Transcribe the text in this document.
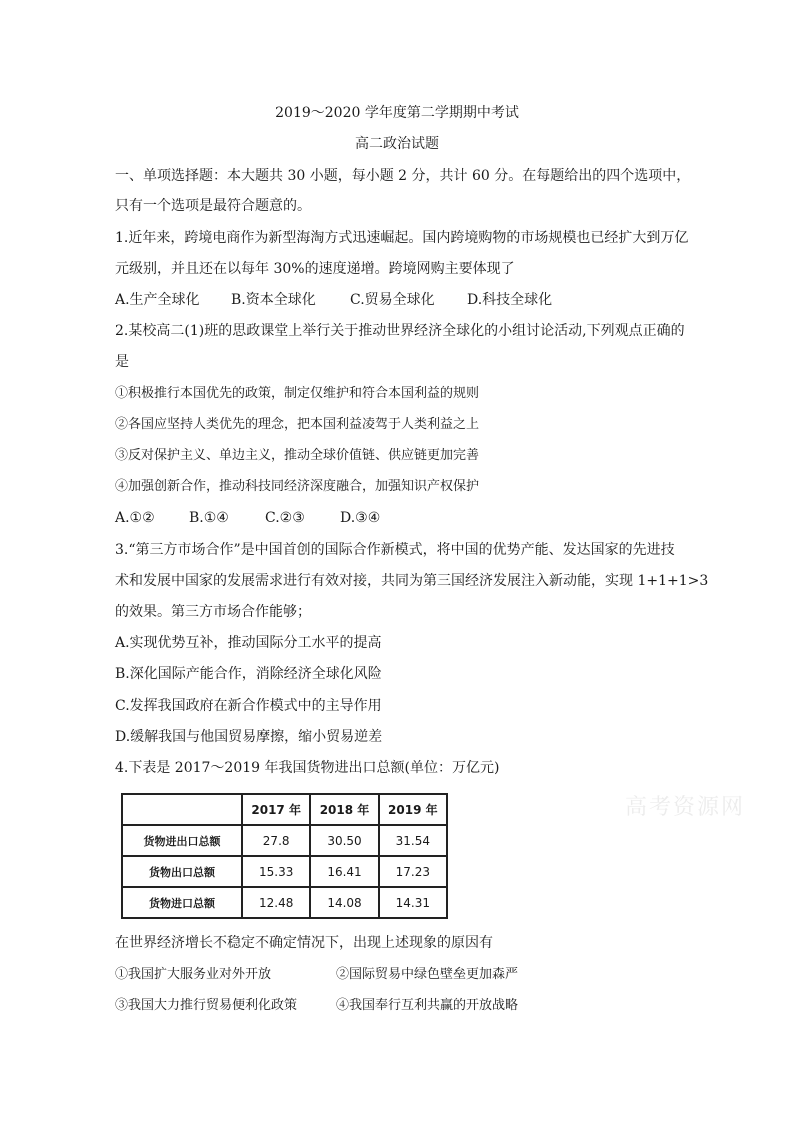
2019～2020 学年度第二学期期中考试
高二政治试题
一、单项选择题：本大题共 30 小题，每小题 2 分，共计 60 分。在每题给出的四个选项中，
只有一个选项是最符合题意的。
1.近年来，跨境电商作为新型海淘方式迅速崛起。国内跨境购物的市场规模也已经扩大到万亿
元级别，并且还在以每年 30%的速度递增。跨境网购主要体现了
A.生产全球化 B.资本全球化 C.贸易全球化 D.科技全球化
2.某校高二(1)班的思政课堂上举行关于推动世界经济全球化的小组讨论活动,下列观点正确的
是
①积极推行本国优先的政策，制定仅维护和符合本国利益的规则
②各国应坚持人类优先的理念，把本国利益凌驾于人类利益之上
③反对保护主义、单边主义，推动全球价值链、供应链更加完善
④加强创新合作，推动科技同经济深度融合，加强知识产权保护
A.①② B.①④	C.②③	D.③④
3.“第三方市场合作”是中国首创的国际合作新模式，将中国的优势产能、发达国家的先进技
术和发展中国家的发展需求进行有效对接，共同为第三国经济发展注入新动能，实现 1+1+1>3
的效果。第三方市场合作能够；
A.实现优势互补，推动国际分工水平的提高
B.深化国际产能合作，消除经济全球化风险
C.发挥我国政府在新合作模式中的主导作用
D.缓解我国与他国贸易摩擦，缩小贸易逆差
4.下表是 2017～2019 年我国货物进出口总额(单位：万亿元)
高考资源网
	2017 年	2018 年	2019 年
货物进出口总额	27.8	30.50	31.54
货物出口总额	15.33	16.41	17.23
货物进口总额	12.48	14.08	14.31
在世界经济增长不稳定不确定情况下，出现上述现象的原因有
①我国扩大服务业对外开放	②国际贸易中绿色壁垒更加森严
③我国大力推行贸易便利化政策	④我国奉行互利共赢的开放战略
